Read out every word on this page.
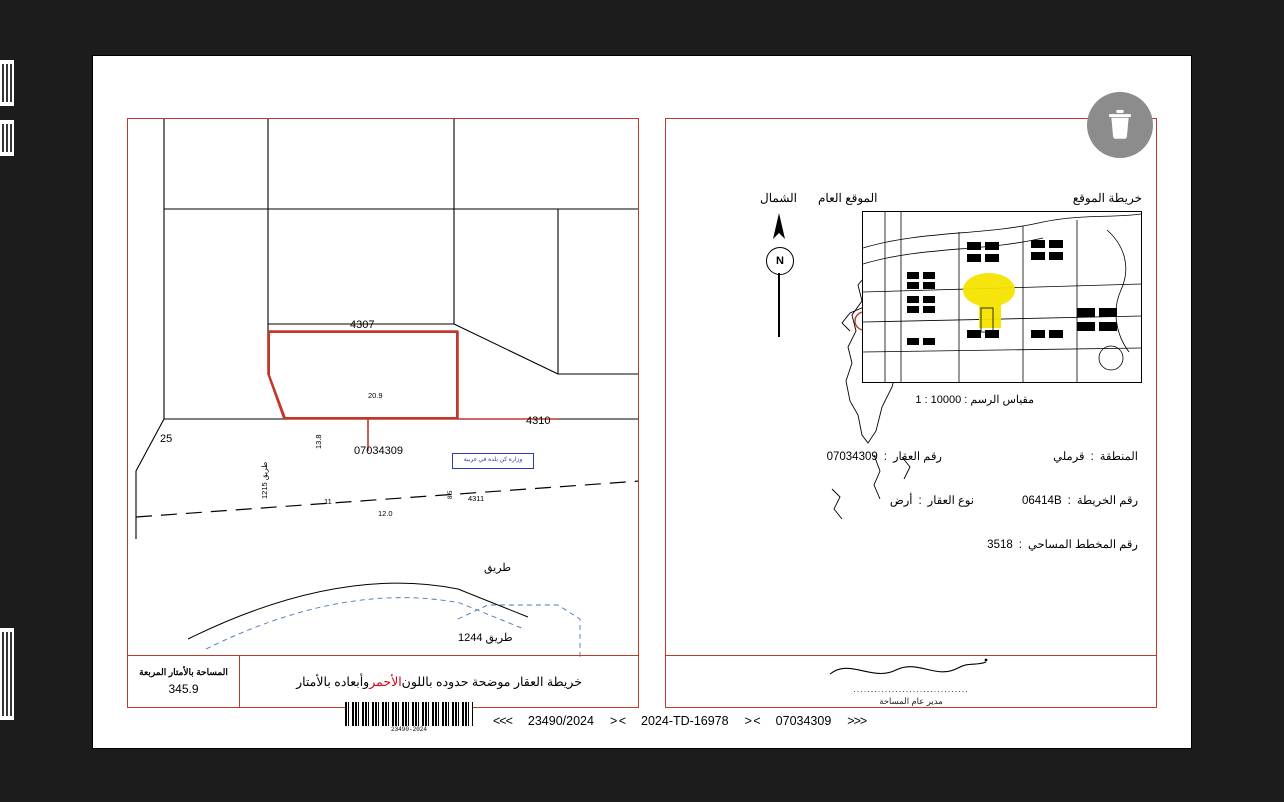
4307
4310
4311
25
07034309
طريق 1215
20.9
13.8
12.0
11
8.5
وزارة كن بلدة في غربية
طريق
طريق 1244
المساحة بالأمتار المربعة
345.9	خريطة العقار موضحة حدوده باللون
الأحمر
وأبعاده بالأمتار
خريطة الموقع
الموقع العام
الشمال
N
مقياس الرسم : 10000 : 1
المنطقة:قرملي
رقم العقار:07034309
رقم الخريطة:06414B
نوع العقار:أرض
رقم المخطط المساحي:3518
.................................
مدير عام المساحة
23490-2024
<<< 23490/2024 > < 2024-TD-16978 > < 07034309 >>>
